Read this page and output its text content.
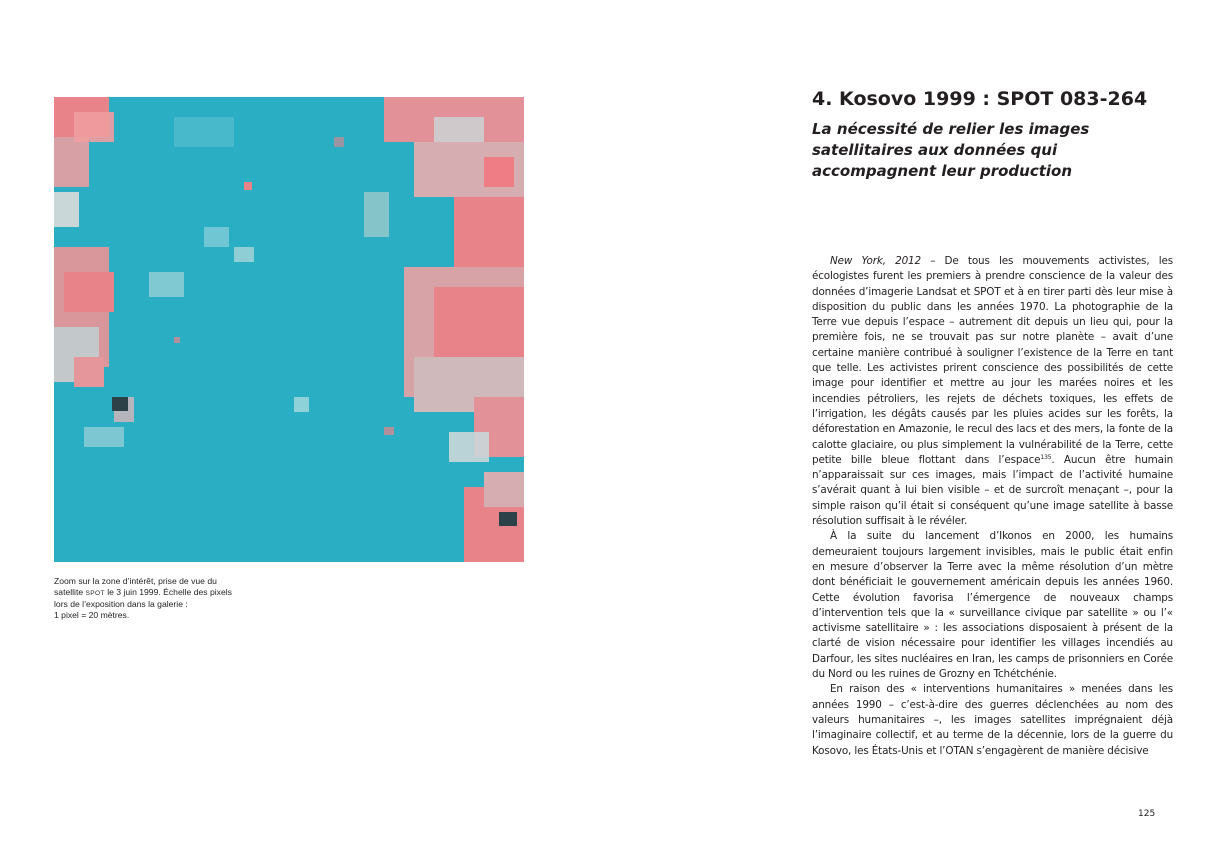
Zoom sur la zone d’intérêt, prise de vue du

satellite SPOT le 3 juin 1999. Échelle des pixels

lors de l’exposition dans la galerie :

1 pixel = 20 mètres.

4. Kosovo 1999 : SPOT 083-264
La nécessité de relier les images satellitaires aux données qui accompagnent leur production

New York, 2012 – De tous les mouvements activistes, les écologistes furent les premiers à prendre conscience de la valeur des données d’imagerie Landsat et SPOT et à en tirer parti dès leur mise à disposition du public dans les années 1970. La photographie de la Terre vue depuis l’espace – autrement dit depuis un lieu qui, pour la première fois, ne se trouvait pas sur notre planète – avait d’une certaine manière contribué à souligner l’existence de la Terre en tant que telle. Les activistes prirent conscience des possibilités de cette image pour identifier et mettre au jour les marées noires et les incendies pétroliers, les rejets de déchets toxiques, les effets de l’irrigation, les dégâts causés par les pluies acides sur les forêts, la déforestation en Amazonie, le recul des lacs et des mers, la fonte de la calotte glaciaire, ou plus simplement la vulnérabilité de la Terre, cette petite bille bleue flottant dans l’espace$^{135}$. Aucun être humain n’apparaissait sur ces images, mais l’impact de l’activité humaine s’avérait quant à lui bien visible – et de surcroît menaçant –, pour la simple raison qu’il était si conséquent qu’une image satellite à basse résolution suffisait à le révéler.

À la suite du lancement d’Ikonos en 2000, les humains demeuraient toujours largement invisibles, mais le public était enfin en mesure d’observer la Terre avec la même résolution d’un mètre dont bénéficiait le gouvernement américain depuis les années 1960. Cette évolution favorisa l’émergence de nouveaux champs d’intervention tels que la « surveillance civique par satellite » ou l’« activisme satellitaire » : les associations disposaient à présent de la clarté de vision nécessaire pour identifier les villages incendiés au Darfour, les sites nucléaires en Iran, les camps de prisonniers en Corée du Nord ou les ruines de Grozny en Tchétchénie.

En raison des « interventions humanitaires » menées dans les années 1990 – c’est-à-dire des guerres déclenchées au nom des valeurs humanitaires –, les images satellites imprégnaient déjà l’imaginaire collectif, et au terme de la décennie, lors de la guerre du Kosovo, les États-Unis et l’OTAN s’engagèrent de manière décisive

125
